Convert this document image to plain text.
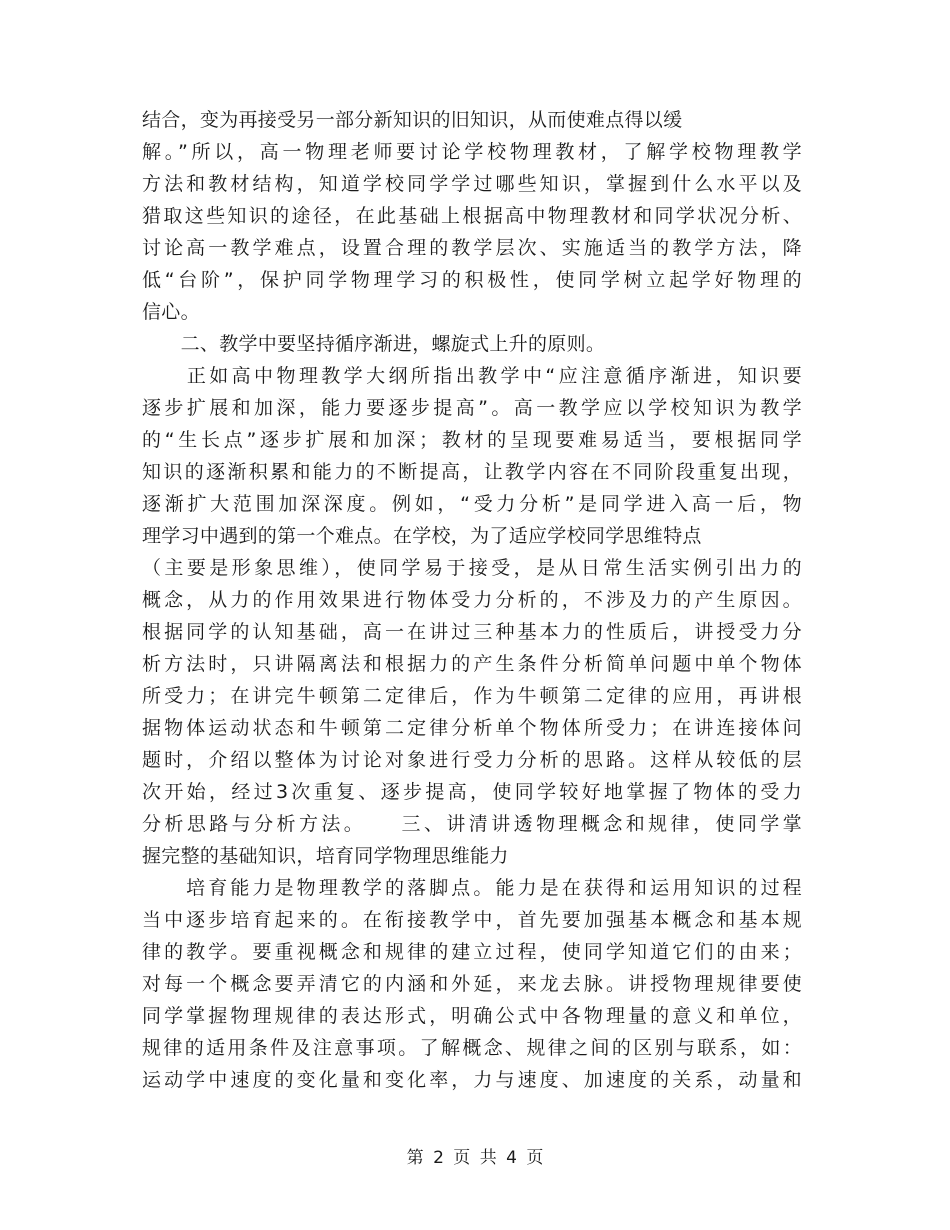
结合，变为再接受另一部分新知识的旧知识，从而使难点得以缓
解。”所以，高一物理老师要讨论学校物理教材，了解学校物理教学
方法和教材结构，知道学校同学学过哪些知识，掌握到什么水平以及
猎取这些知识的途径，在此基础上根据高中物理教材和同学状况分析、
讨论高一教学难点，设置合理的教学层次、实施适当的教学方法，降
低“台阶”，保护同学物理学习的积极性，使同学树立起学好物理的
信心。
　　二、教学中要坚持循序渐进，螺旋式上升的原则。
　　正如高中物理教学大纲所指出教学中“应注意循序渐进，知识要
逐步扩展和加深，能力要逐步提高”。高一教学应以学校知识为教学
的“生长点”逐步扩展和加深；教材的呈现要难易适当，要根据同学
知识的逐渐积累和能力的不断提高，让教学内容在不同阶段重复出现，
逐渐扩大范围加深深度。例如，“受力分析”是同学进入高一后，物
理学习中遇到的第一个难点。在学校，为了适应学校同学思维特点
（主要是形象思维），使同学易于接受，是从日常生活实例引出力的
概念，从力的作用效果进行物体受力分析的，不涉及力的产生原因。
根据同学的认知基础，高一在讲过三种基本力的性质后，讲授受力分
析方法时，只讲隔离法和根据力的产生条件分析简单问题中单个物体
所受力；在讲完牛顿第二定律后，作为牛顿第二定律的应用，再讲根
据物体运动状态和牛顿第二定律分析单个物体所受力；在讲连接体问
题时，介绍以整体为讨论对象进行受力分析的思路。这样从较低的层
次开始，经过3次重复、逐步提高，使同学较好地掌握了物体的受力
分析思路与分析方法。　　三、讲清讲透物理概念和规律，使同学掌
握完整的基础知识，培育同学物理思维能力
　　培育能力是物理教学的落脚点。能力是在获得和运用知识的过程
当中逐步培育起来的。在衔接教学中，首先要加强基本概念和基本规
律的教学。要重视概念和规律的建立过程，使同学知道它们的由来；
对每一个概念要弄清它的内涵和外延，来龙去脉。讲授物理规律要使
同学掌握物理规律的表达形式，明确公式中各物理量的意义和单位，
规律的适用条件及注意事项。了解概念、规律之间的区别与联系，如：
运动学中速度的变化量和变化率，力与速度、加速度的关系，动量和
第 2 页 共 4 页
